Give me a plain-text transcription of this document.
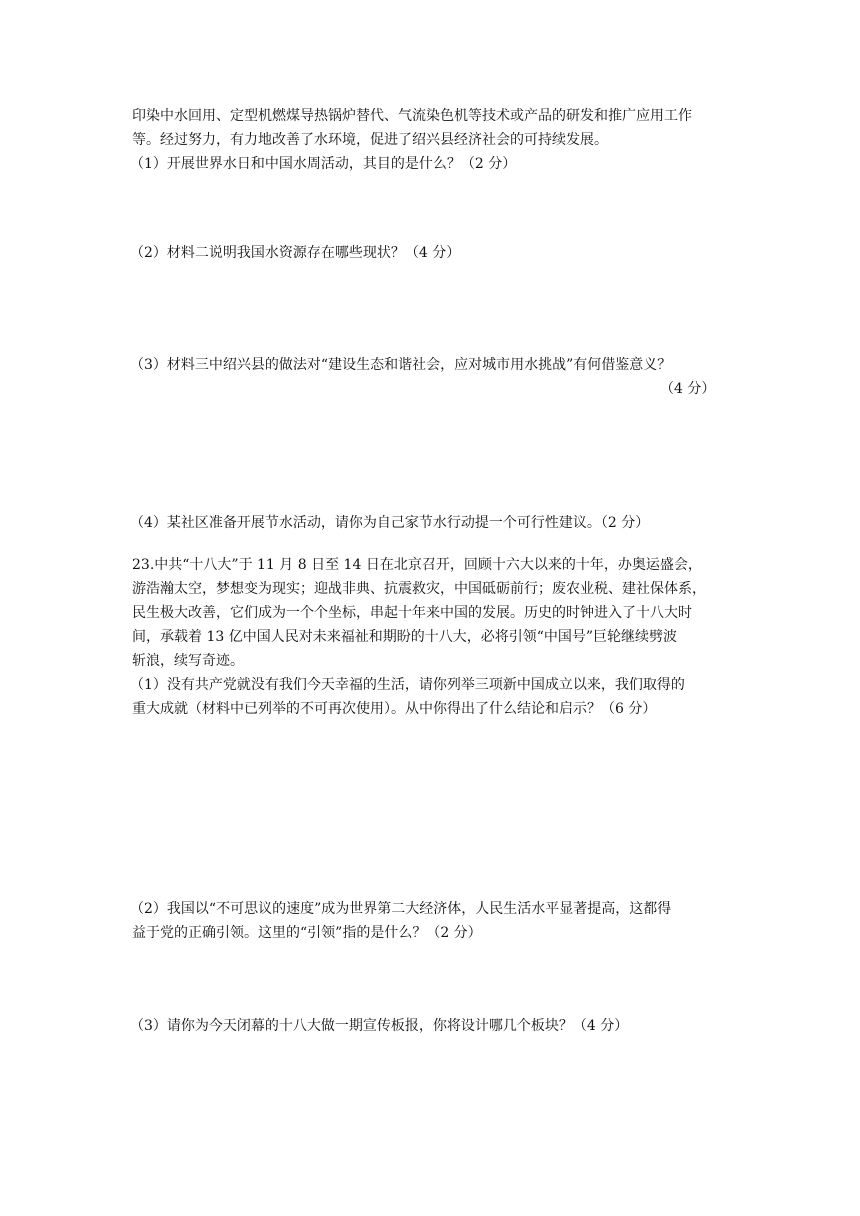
印染中水回用、定型机燃煤导热锅炉替代、气流染色机等技术或产品的研发和推广应用工作
等。经过努力，有力地改善了水环境，促进了绍兴县经济社会的可持续发展。
（1）开展世界水日和中国水周活动，其目的是什么？（2 分）
（2）材料二说明我国水资源存在哪些现状？（4 分）
（3）材料三中绍兴县的做法对“建设生态和谐社会，应对城市用水挑战”有何借鉴意义？
（4 分）
（4）某社区准备开展节水活动，请你为自己家节水行动提一个可行性建议。（2 分）
23.中共“十八大”于 11 月 8 日至 14 日在北京召开，回顾十六大以来的十年，办奥运盛会，
游浩瀚太空，梦想变为现实；迎战非典、抗震救灾，中国砥砺前行；废农业税、建社保体系，
民生极大改善，它们成为一个个坐标，串起十年来中国的发展。历史的时钟进入了十八大时
间，承载着 13 亿中国人民对未来福祉和期盼的十八大，必将引领“中国号”巨轮继续劈波
斩浪，续写奇迹。
（1）没有共产党就没有我们今天幸福的生活，请你列举三项新中国成立以来，我们取得的
重大成就（材料中已列举的不可再次使用）。从中你得出了什么结论和启示？（6 分）
（2）我国以“不可思议的速度”成为世界第二大经济体，人民生活水平显著提高，这都得
益于党的正确引领。这里的“引领”指的是什么？（2 分）
（3）请你为今天闭幕的十八大做一期宣传板报，你将设计哪几个板块？（4 分）
